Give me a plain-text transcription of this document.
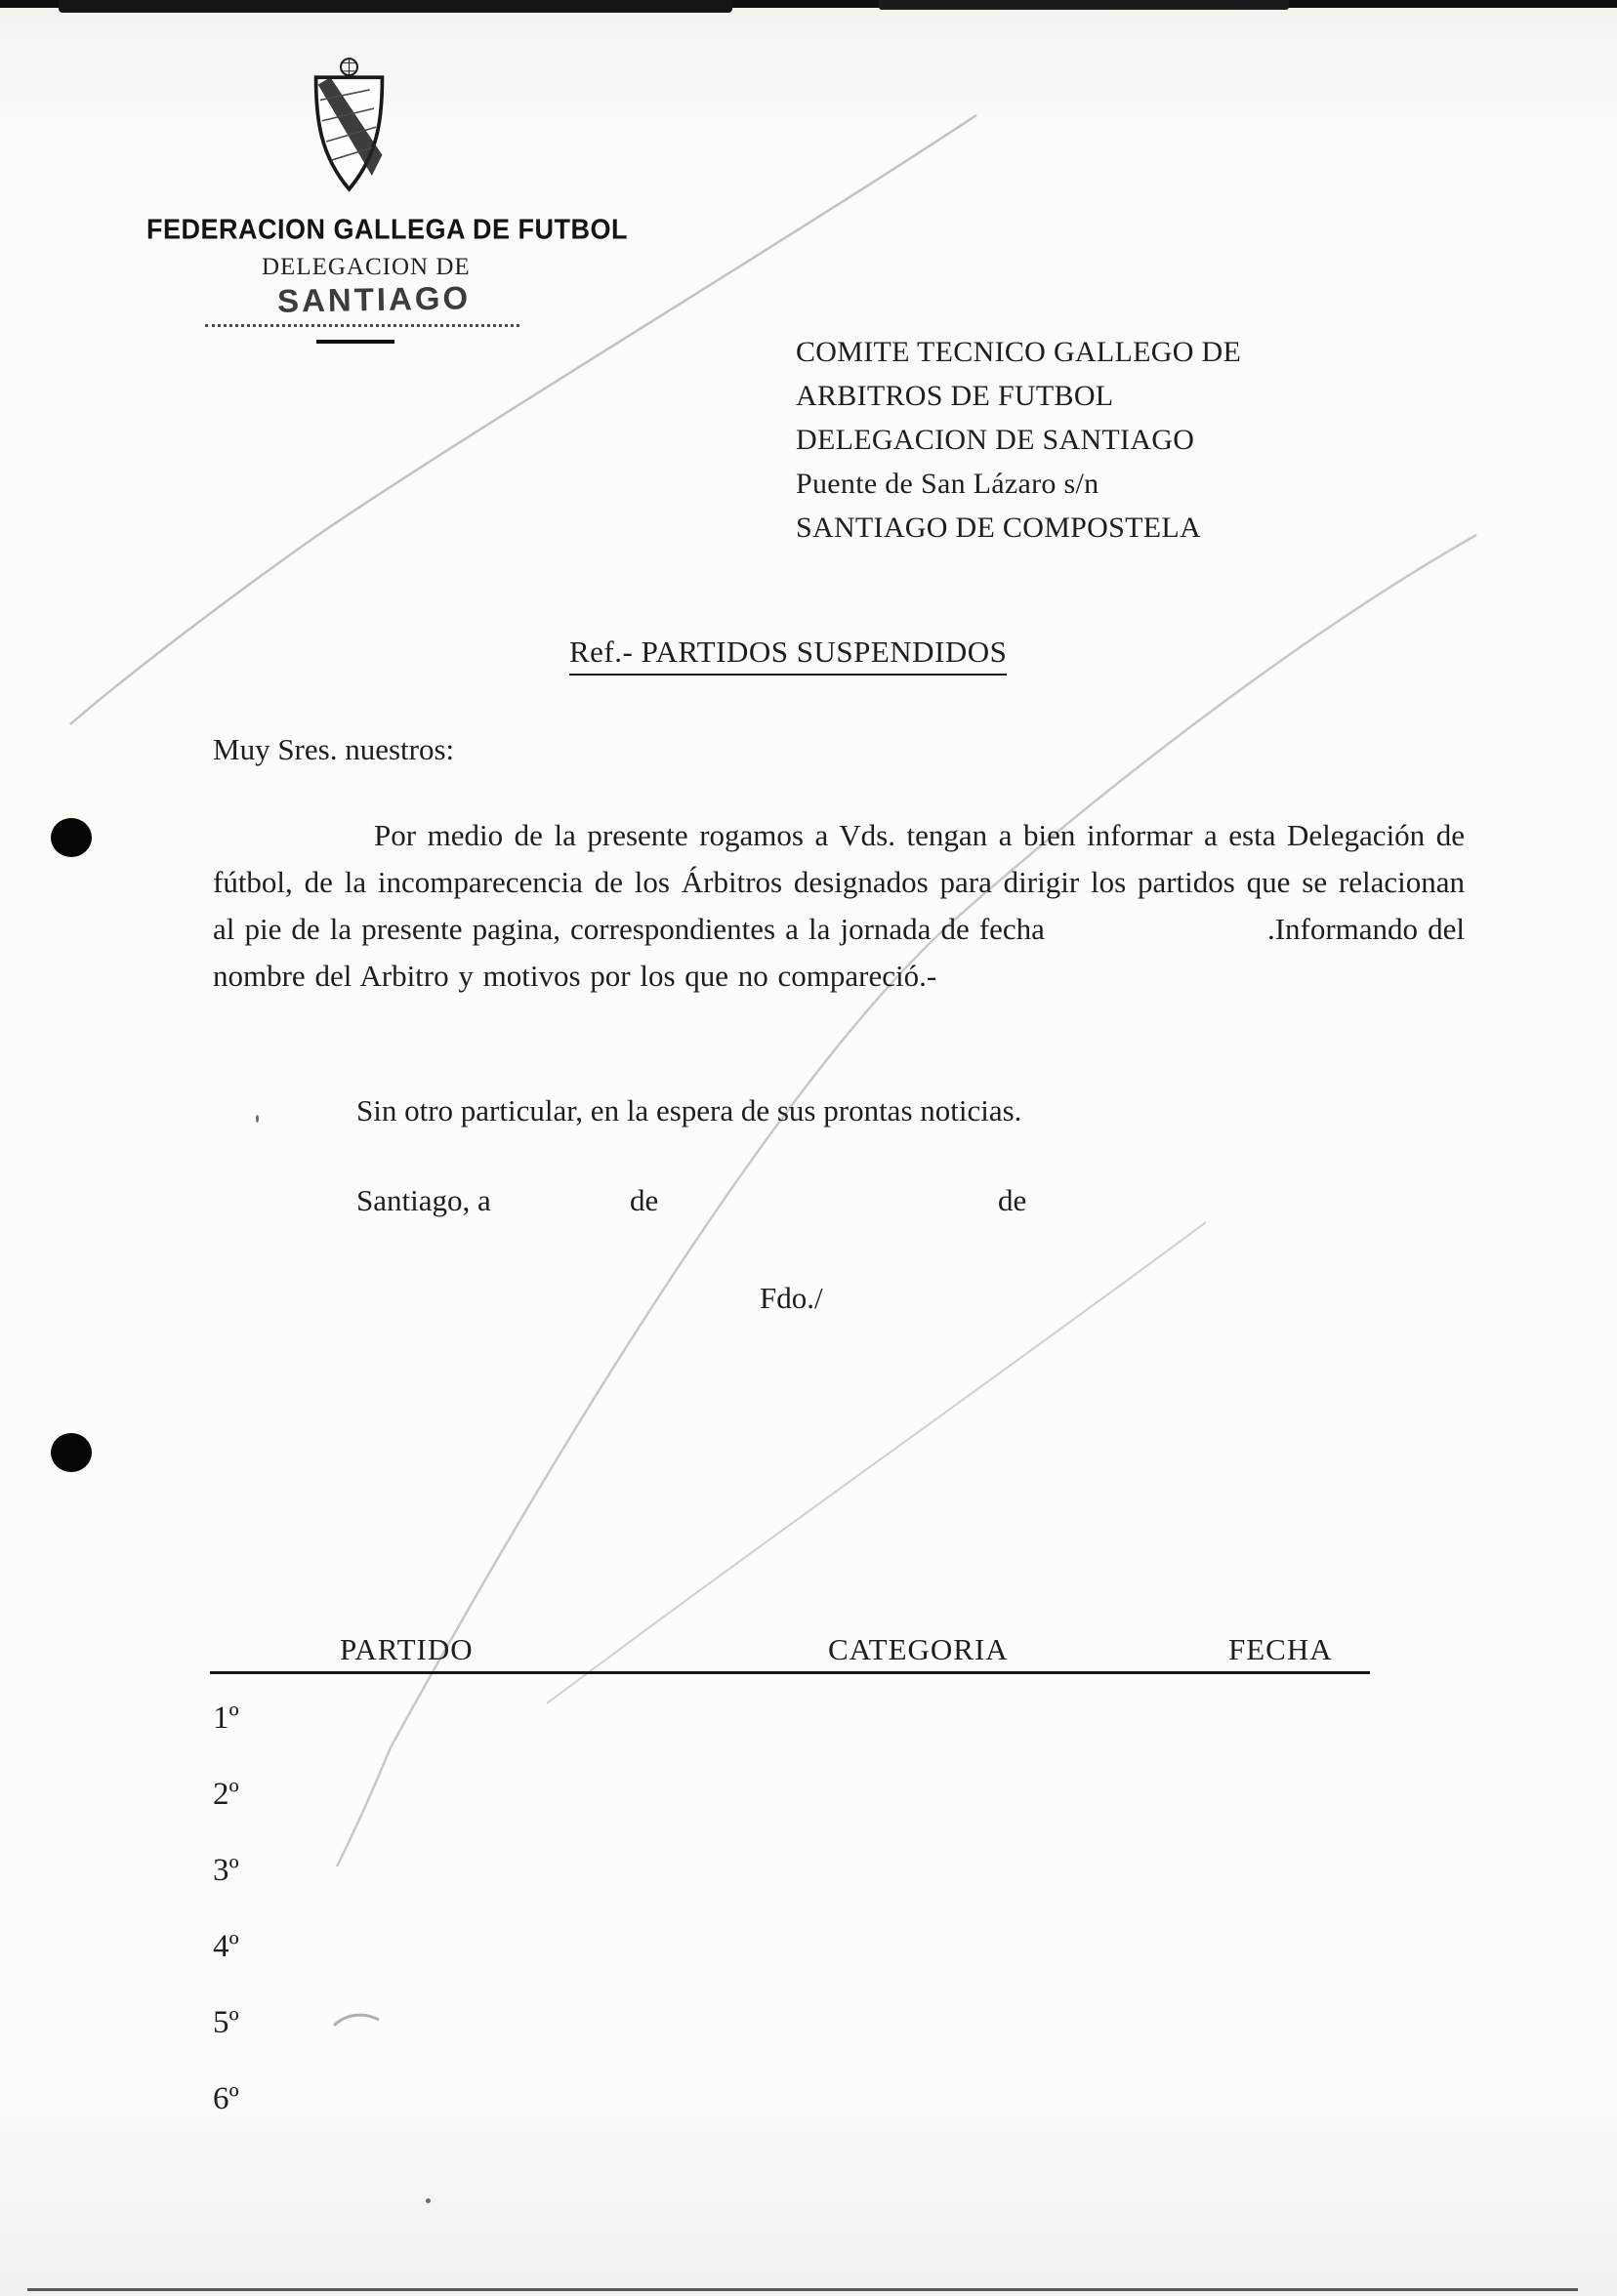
FEDERACION GALLEGA DE FUTBOL
DELEGACION DE
SANTIAGO
COMITE TECNICO GALLEGO DE
ARBITROS DE FUTBOL
DELEGACION DE SANTIAGO
Puente de San Lázaro s/n
SANTIAGO DE COMPOSTELA
Ref.- PARTIDOS SUSPENDIDOS
Muy Sres. nuestros:
Por medio de la presente rogamos a Vds. tengan a bien informar a esta Delegación de fútbol, de la incomparecencia de los Árbitros designados para dirigir los partidos que se relacionan al pie de la presente pagina, correspondientes a la jornada de fecha	.Informando del nombre del Arbitro y motivos por los que no compareció.-
Sin otro particular, en la espera de sus prontas noticias.
Santiago, a	de	de
Fdo./
PARTIDO	CATEGORIA	FECHA
1º
2º
3º
4º
5º
6º
